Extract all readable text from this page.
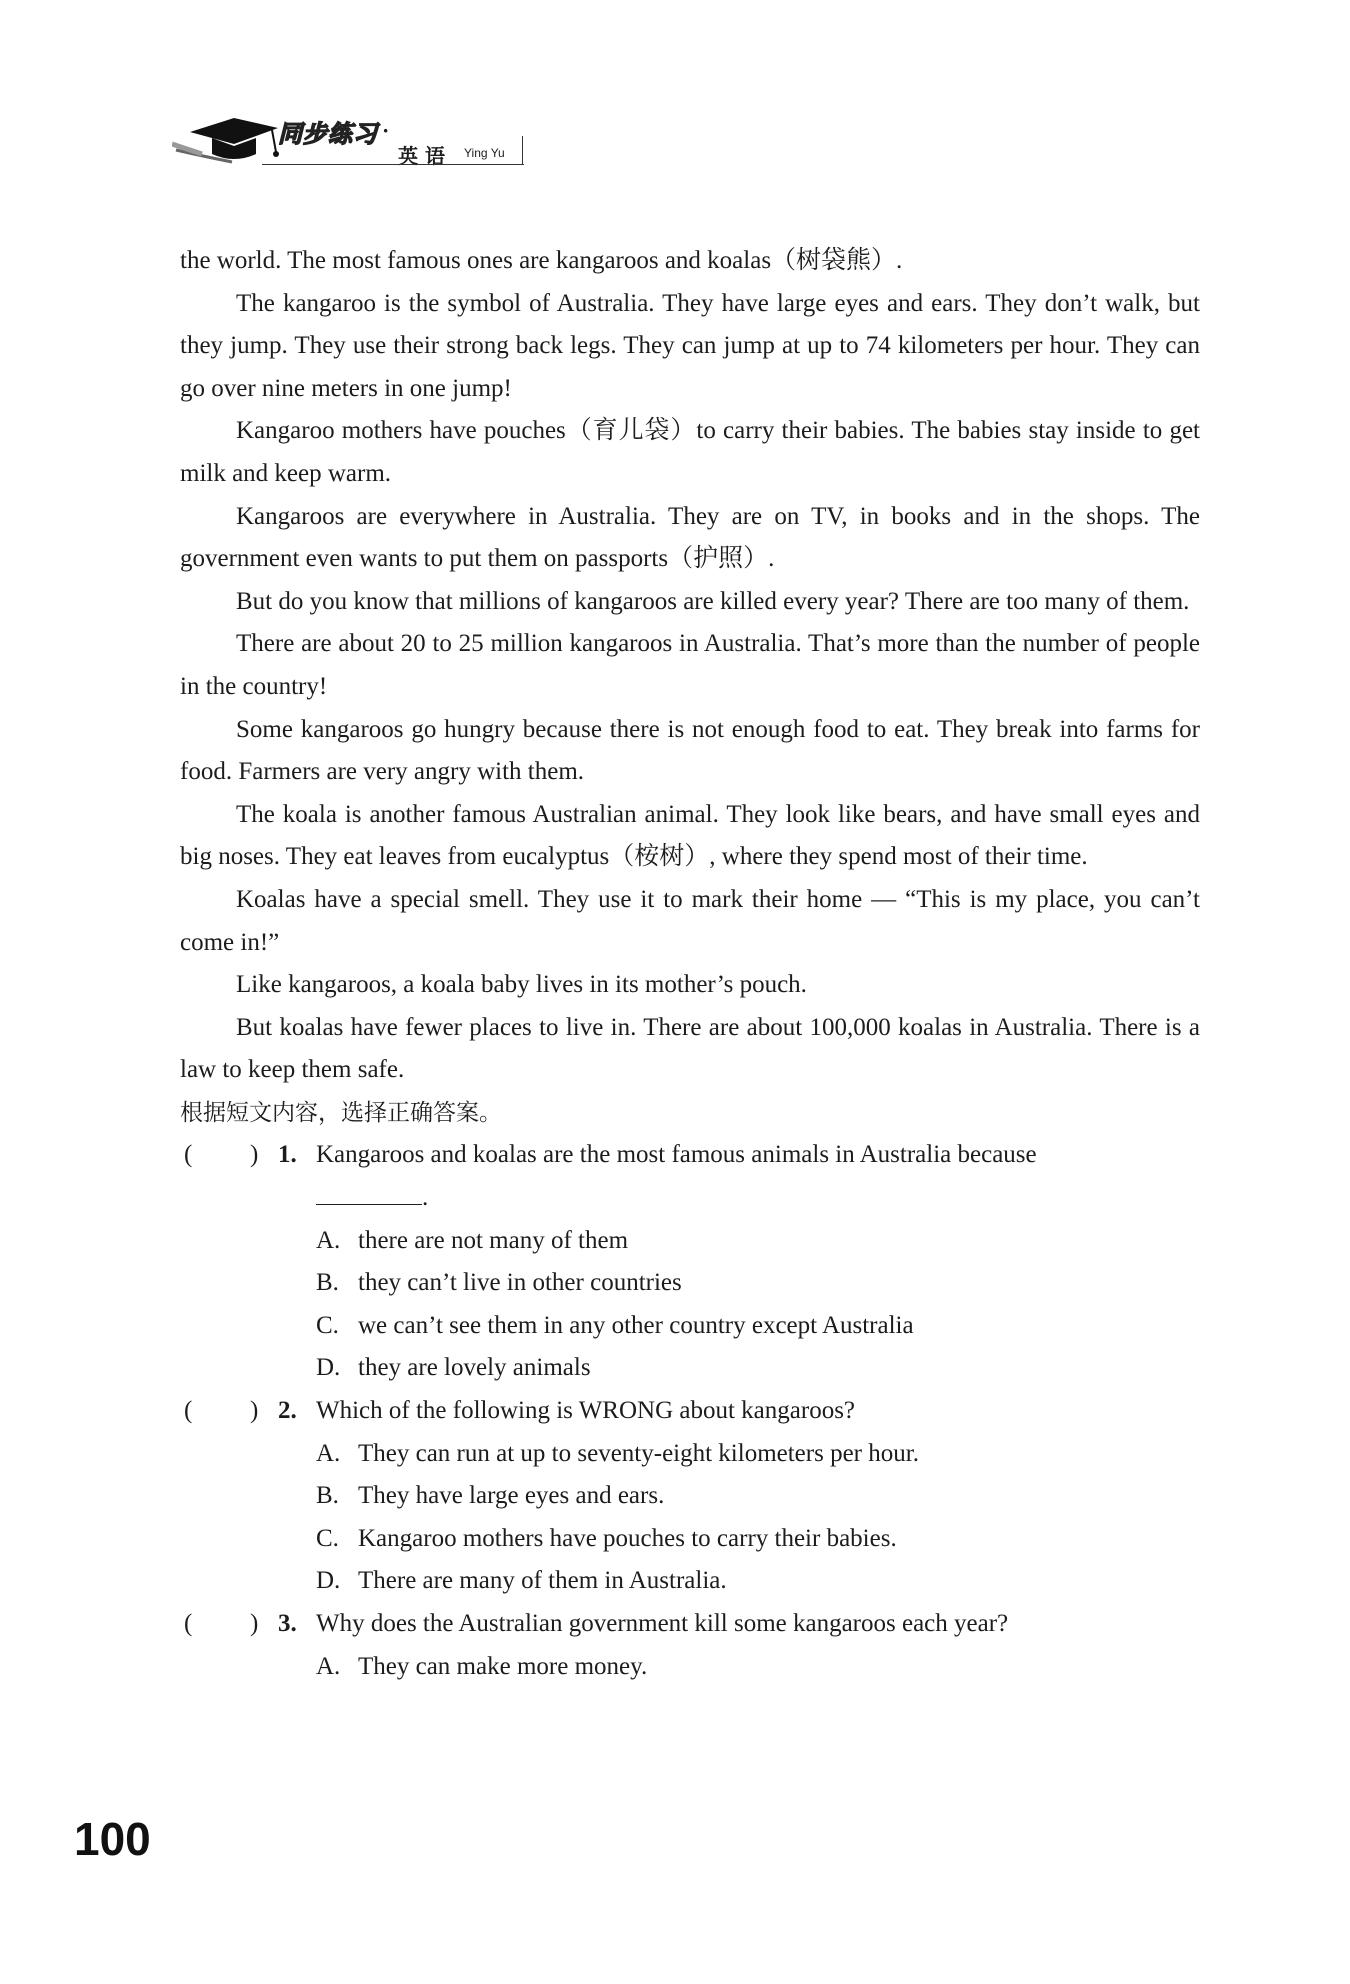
同步练习 ·
英 语 Ying Yu

the world. The most famous ones are kangaroos and koalas（树袋熊）.

The kangaroo is the symbol of Australia. They have large eyes and ears. They don’t walk, but they jump. They use their strong back legs. They can jump at up to 74 kilometers per hour. They can go over nine meters in one jump!

Kangaroo mothers have pouches（育儿袋）to carry their babies. The babies stay inside to get milk and keep warm.

Kangaroos are everywhere in Australia. They are on TV, in books and in the shops. The government even wants to put them on passports（护照）.

But do you know that millions of kangaroos are killed every year? There are too many of them.

There are about 20 to 25 million kangaroos in Australia. That’s more than the number of people in the country!

Some kangaroos go hungry because there is not enough food to eat. They break into farms for food. Farmers are very angry with them.

The koala is another famous Australian animal. They look like bears, and have small eyes and big noses. They eat leaves from eucalyptus（桉树）, where they spend most of their time.

Koalas have a special smell. They use it to mark their home — “This is my place, you can’t come in!”

Like kangaroos, a koala baby lives in its mother’s pouch.

But koalas have fewer places to live in. There are about 100,000 koalas in Australia. There is a law to keep them safe.

根据短文内容，选择正确答案。

( ) 1. Kangaroos and koalas are the most famous animals in Australia because
.
A. there are not many of them
B. they can’t live in other countries
C. we can’t see them in any other country except Australia
D. they are lovely animals
( ) 2. Which of the following is WRONG about kangaroos?
A. They can run at up to seventy-eight kilometers per hour.
B. They have large eyes and ears.
C. Kangaroo mothers have pouches to carry their babies.
D. There are many of them in Australia.
( ) 3. Why does the Australian government kill some kangaroos each year?
A. They can make more money.
100
